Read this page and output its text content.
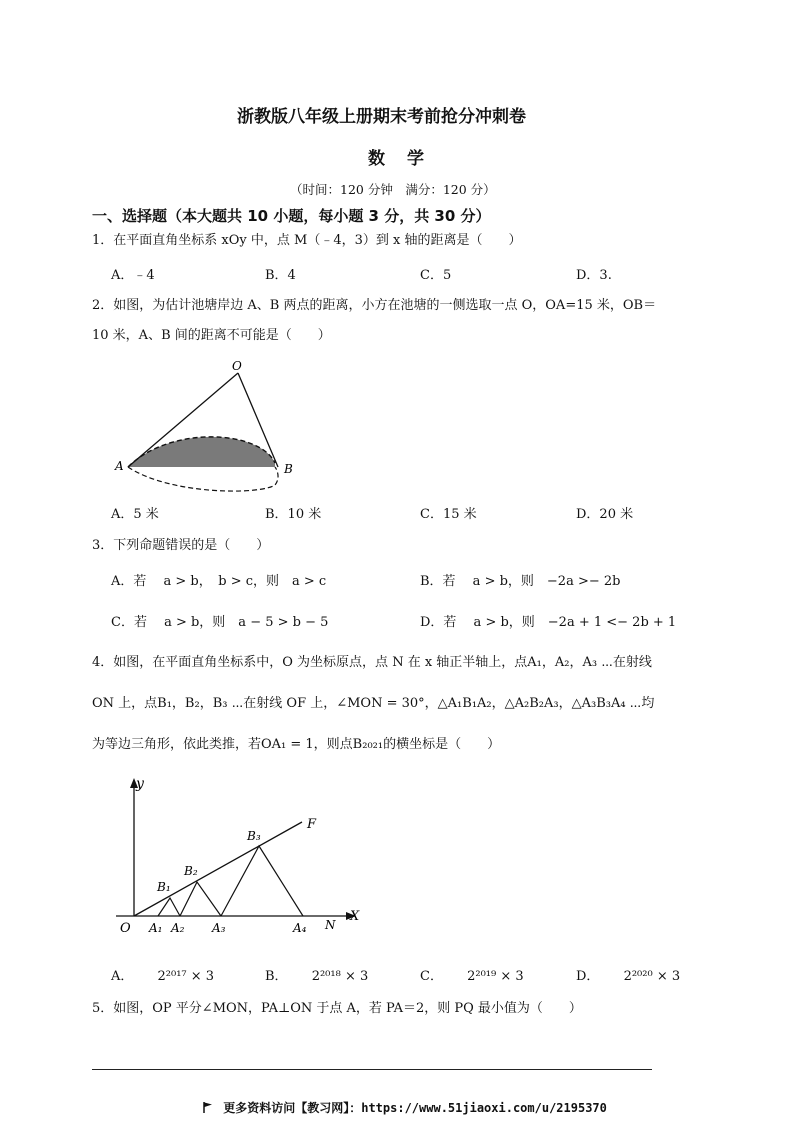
浙教版八年级上册期末考前抢分冲刺卷
数学
（时间：120 分钟　满分：120 分）
一、选择题（本大题共 10 小题，每小题 3 分，共 30 分）
1．在平面直角坐标系 xOy 中，点 M（﹣4，3）到 x 轴的距离是（　　）
A．﹣4	B．4	C．5	D．3.
2．如图，为估计池塘岸边 A、B 两点的距离，小方在池塘的一侧选取一点 O，OA=15 米，OB＝
10 米，A、B 间的距离不可能是（　　）
O
A	B
A．5 米	B．10 米	C．15 米	D．20 米
3．下列命题错误的是（　　）
A．若　 a > b，　b > c，则　a > c	B．若　 a > b，则　−2a >− 2b
C．若　 a > b，则　a − 5 > b − 5	D．若　 a > b，则　−2a + 1 <− 2b + 1
4．如图，在平面直角坐标系中，O 为坐标原点，点 N 在 x 轴正半轴上，点A₁，A₂，A₃ ⋯在射线
ON 上，点B₁，B₂，B₃ ⋯在射线 OF 上，∠MON = 30°，△A₁B₁A₂，△A₂B₂A₃，△A₃B₃A₄ ⋯均
为等边三角形，依此类推，若OA₁ = 1，则点B₂₀₂₁的横坐标是（　　）
y
X
F
O	N
B₁
B₂
B₃
A₁ A₂ A₃	A₄
A． 2²⁰¹⁷ × 3	B． 2²⁰¹⁸ × 3	C． 2²⁰¹⁹ × 3	D． 2²⁰²⁰ × 3
5．如图，OP 平分∠MON，PA⊥ON 于点 A，若 PA＝2，则 PQ 最小值为（　　）
更多资料访问【教习网】：https://www.51jiaoxi.com/u/2195370
